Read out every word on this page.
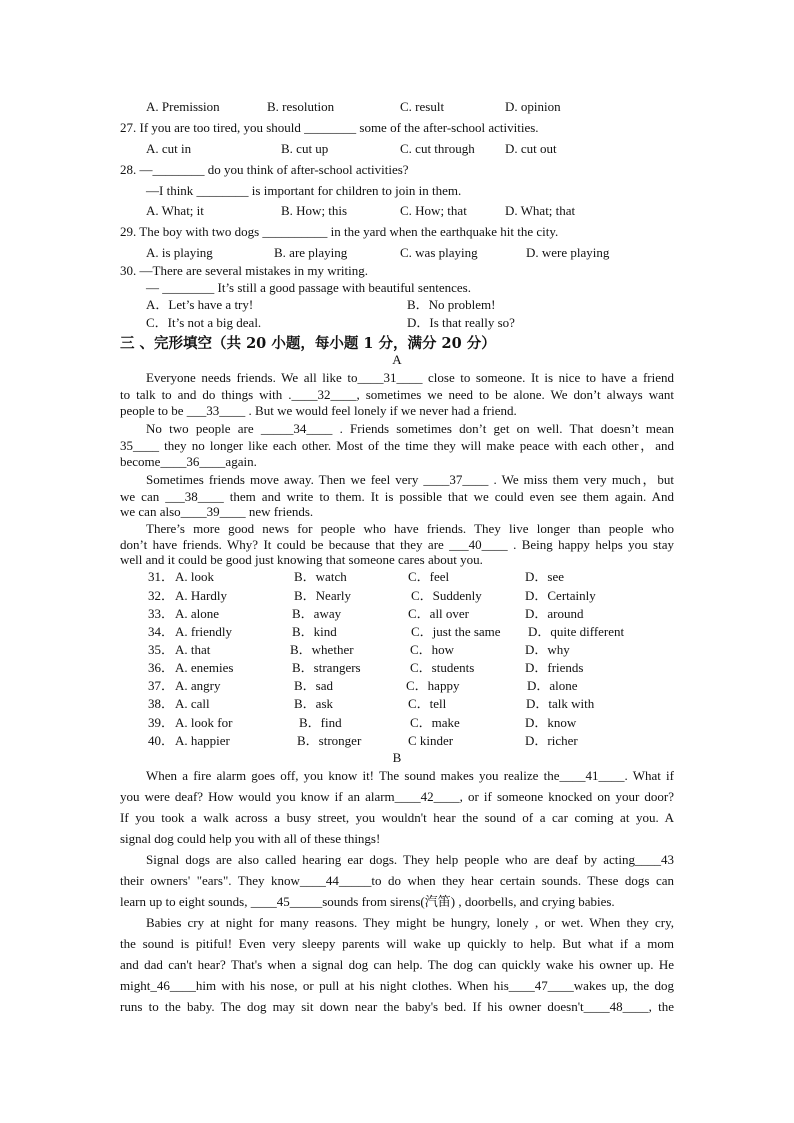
A. Premission	B. resolution	C. result	D. opinion
27. If you are too tired, you should ________ some of the after-school activities.
A. cut in	B. cut up	C. cut through D. cut out
28. —________ do you think of after-school activities?
—I think ________ is important for children to join in them.
A. What; it	B. How; this	C. How; that	D. What; that
29. The boy with two dogs __________ in the yard when the earthquake hit the city.
A. is playing	B. are playing	C. was playing	D. were playing
30. —There are several mistakes in my writing.
— ________ It’s still a good passage with beautiful sentences.
A．Let’s have a try!	B．No problem!
C．It’s not a big deal.	D．Is that really so?
三 、完形填空（共 20 小题，每小题 1 分，满分 20 分）
A
Everyone needs friends. We all like to____31____ close to someone. It is nice to have a friend
to talk to and do things with .____32____, sometimes we need to be alone. We don’t always want
people to be ___33____ . But we would feel lonely if we never had a friend.
No two people are _____34____ . Friends sometimes don’t get on well. That doesn’t mean
35____ they no longer like each other. Most of the time they will make peace with each other，and
become____36____again.
Sometimes friends move away. Then we feel very ____37____ . We miss them very much，but
we can ___38____ them and write to them. It is possible that we could even see them again. And
we can also____39____ new friends.
There’s more good news for people who have friends. They live longer than people who
don’t have friends. Why? It could be because that they are ___40____ . Being happy helps you stay
well and it could be good just knowing that someone cares about you.
31． A. look	B．watch	C．feel	D．see
32． A. Hardly	B．Nearly	C．Suddenly	D．Certainly
33． A. alone	B．away	C．all over	D．around
34． A. friendly	B．kind	C．just the same D．quite different
35． A. that	B．whether	C．how	D．why
36． A. enemies	B．strangers	C．students	D．friends
37． A. angry	B．sad	C．happy	D．alone
38． A. call	B．ask	C．tell	D．talk with
39． A. look for	B．find	C．make	D．know
40． A. happier	B．stronger	C kinder	D．richer
B
When a fire alarm goes off, you know it! The sound makes you realize the____41____. What if
you were deaf? How would you know if an alarm____42____, or if someone knocked on your door?
If you took a walk across a busy street, you wouldn't hear the sound of a car coming at you. A
signal dog could help you with all of these things!
Signal dogs are also called hearing ear dogs. They help people who are deaf by acting____43
their owners' "ears". They know____44_____to do when they hear certain sounds. These dogs can
learn up to eight sounds, ____45_____sounds from sirens(汽笛) , doorbells, and crying babies.
Babies cry at night for many reasons. They might be hungry, lonely , or wet. When they cry,
the sound is pitiful! Even very sleepy parents will wake up quickly to help. But what if a mom
and dad can't hear? That's when a signal dog can help. The dog can quickly wake his owner up. He
might_46____him with his nose, or pull at his night clothes. When his____47____wakes up, the dog
runs to the baby. The dog may sit down near the baby's bed. If his owner doesn't____48____, the
